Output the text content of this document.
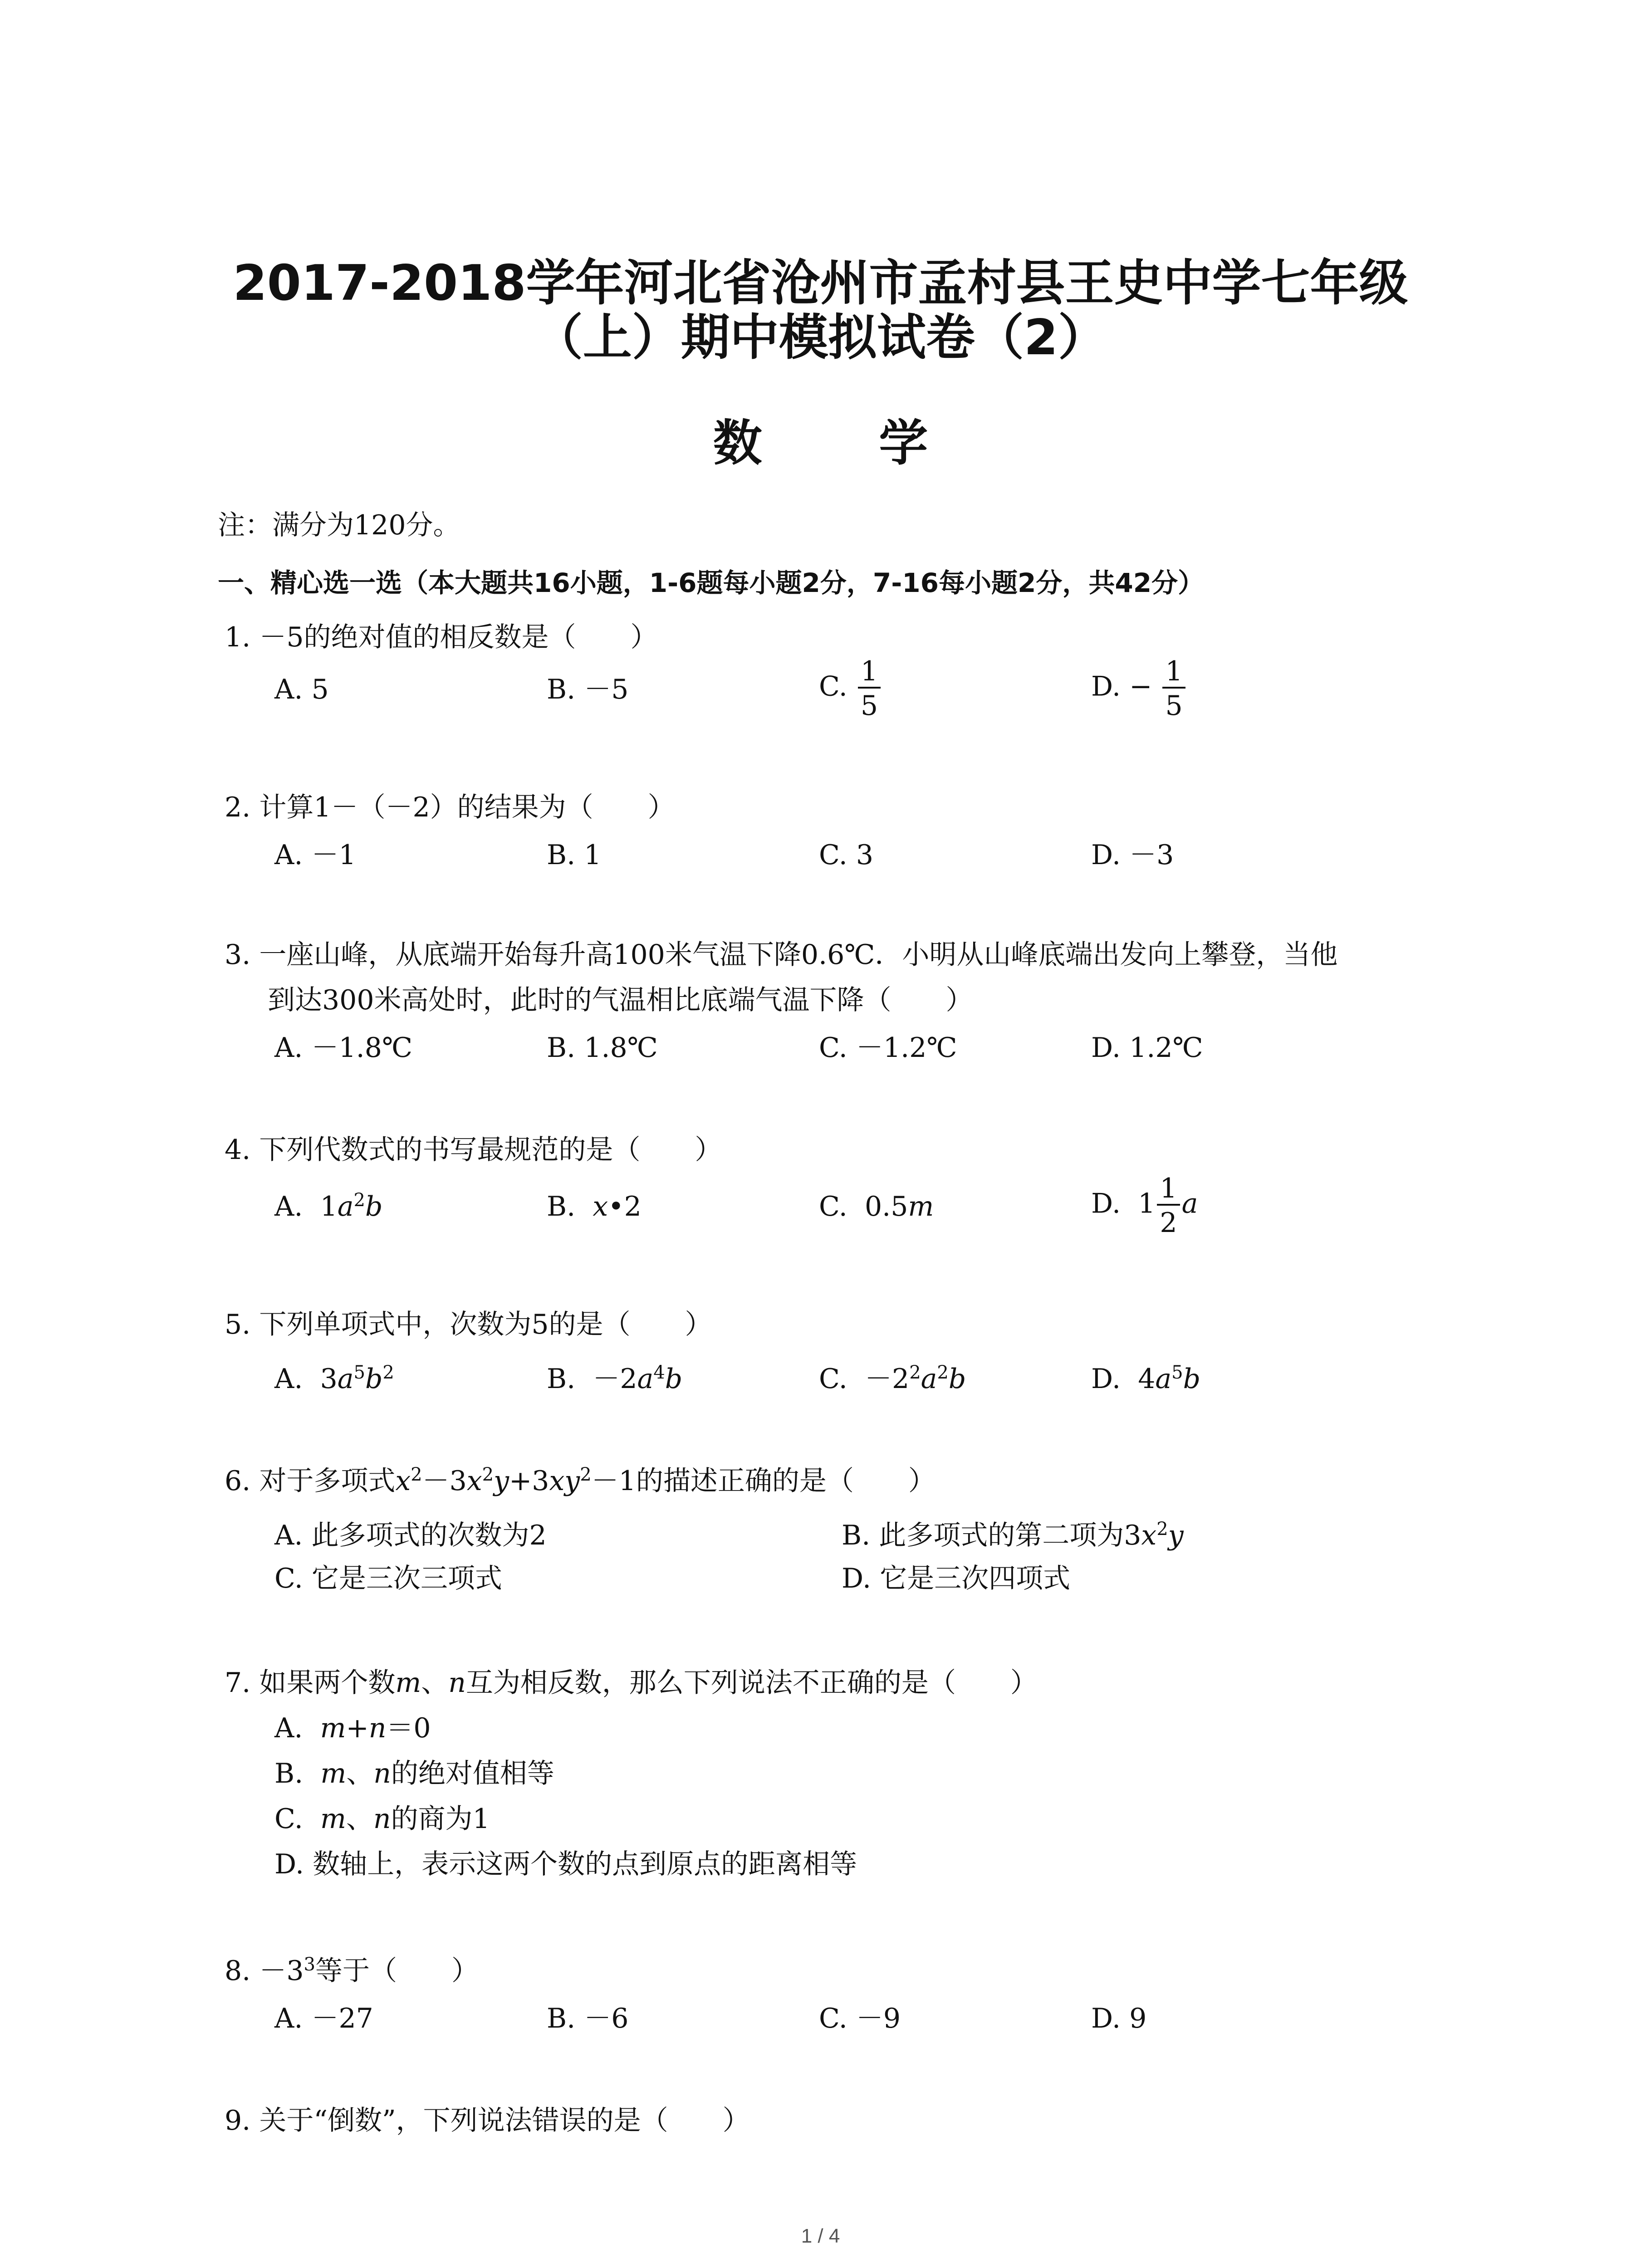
2017-2018学年河北省沧州市孟村县王史中学七年级
（上）期中模拟试卷（2）
数 学
注：满分为120分。
一、精心选一选（本大题共16小题，1-6题每小题2分，7-16每小题2分，共42分）
1. －5的绝对值的相反数是（　　）
A. 5	B. －5	C. $\frac{1}{5}$	D. − $\frac{1}{5}$
2. 计算1－（－2）的结果为（　　）
A. －1	B. 1	C. 3	D. －3
3. 一座山峰，从底端开始每升高100米气温下降0.6℃．小明从山峰底端出发向上攀登，当他
到达300米高处时，此时的气温相比底端气温下降（　　）
A. －1.8℃	B. 1.8℃	C. －1.2℃	D. 1.2℃
4. 下列代数式的书写最规范的是（　　）
A. $1a^2b$	B. x•2	C. 0.5m	D. $1 \frac{1}{2}$ a
5. 下列单项式中，次数为5的是（　　）
A. $3a^5b^2$	B. $-2a^4b$	C. $-2^2a^2b$	D. $4a^5b$
6. 对于多项式$x^2-3x^2y+3xy^2-1$的描述正确的是（　　）
A. 此多项式的次数为2	B. 此多项式的第二项为$3x^2y$
C. 它是三次三项式	D. 它是三次四项式
7. 如果两个数m、n互为相反数，那么下列说法不正确的是（　　）
A. m+n＝0
B. m、n的绝对值相等
C. m、n的商为1
D. 数轴上，表示这两个数的点到原点的距离相等
8. $-3^3$等于（　　）
A. －27	B. －6	C. －9	D. 9
9. 关于“倒数”，下列说法错误的是（　　）
1 / 4
